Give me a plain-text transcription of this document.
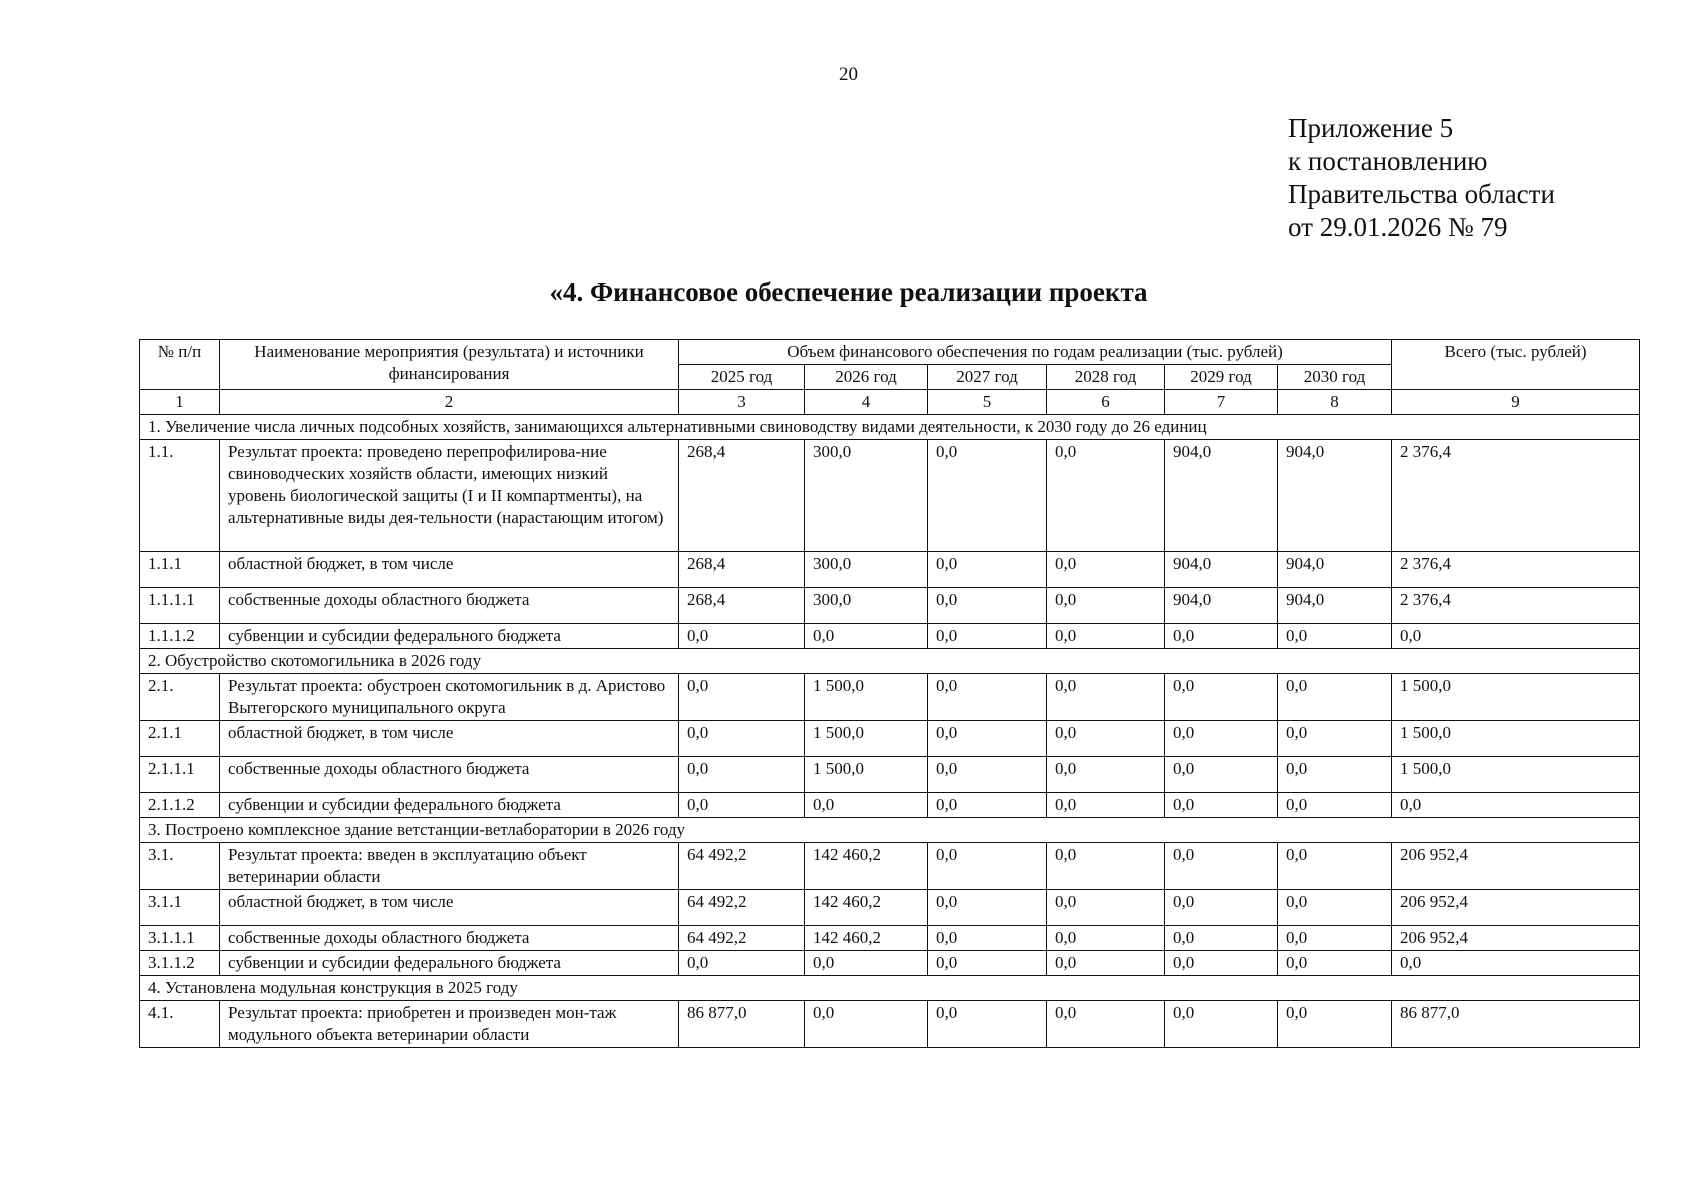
20
Приложение 5
к постановлению
Правительства области
от 29.01.2026 № 79
«4. Финансовое обеспечение реализации проекта
№ п/п	Наименование мероприятия (результата) и источники финансирования	Объем финансового обеспечения по годам реализации (тыс. рублей)						Всего (тыс. рублей)
		2025 год	2026 год	2027 год	2028 год	2029 год	2030 год	
1	2	3	4	5	6	7	8	9
1. Увеличение числа личных подсобных хозяйств, занимающихся альтернативными свиноводству видами деятельности, к 2030 году до 26 единиц								
1.1.	Результат проекта: проведено перепрофилирова-ние свиноводческих хозяйств области, имеющих низкий уровень биологической защиты (I и II компартменты), на альтернативные виды дея-тельности (нарастающим итогом)	268,4	300,0	0,0	0,0	904,0	904,0	2 376,4
1.1.1	областной бюджет, в том числе	268,4	300,0	0,0	0,0	904,0	904,0	2 376,4
1.1.1.1	собственные доходы областного бюджета	268,4	300,0	0,0	0,0	904,0	904,0	2 376,4
1.1.1.2	субвенции и субсидии федерального бюджета	0,0	0,0	0,0	0,0	0,0	0,0	0,0
2. Обустройство скотомогильника в 2026 году								
2.1.	Результат проекта: обустроен скотомогильник в д. Аристово Вытегорского муниципального округа	0,0	1 500,0	0,0	0,0	0,0	0,0	1 500,0
2.1.1	областной бюджет, в том числе	0,0	1 500,0	0,0	0,0	0,0	0,0	1 500,0
2.1.1.1	собственные доходы областного бюджета	0,0	1 500,0	0,0	0,0	0,0	0,0	1 500,0
2.1.1.2	субвенции и субсидии федерального бюджета	0,0	0,0	0,0	0,0	0,0	0,0	0,0
3. Построено комплексное здание ветстанции-ветлаборатории в 2026 году								
3.1.	Результат проекта: введен в эксплуатацию объект ветеринарии области	64 492,2	142 460,2	0,0	0,0	0,0	0,0	206 952,4
3.1.1	областной бюджет, в том числе	64 492,2	142 460,2	0,0	0,0	0,0	0,0	206 952,4
3.1.1.1	собственные доходы областного бюджета	64 492,2	142 460,2	0,0	0,0	0,0	0,0	206 952,4
3.1.1.2	субвенции и субсидии федерального бюджета	0,0	0,0	0,0	0,0	0,0	0,0	0,0
4. Установлена модульная конструкция в 2025 году								
4.1.	Результат проекта: приобретен и произведен мон-таж модульного объекта ветеринарии области	86 877,0	0,0	0,0	0,0	0,0	0,0	86 877,0
